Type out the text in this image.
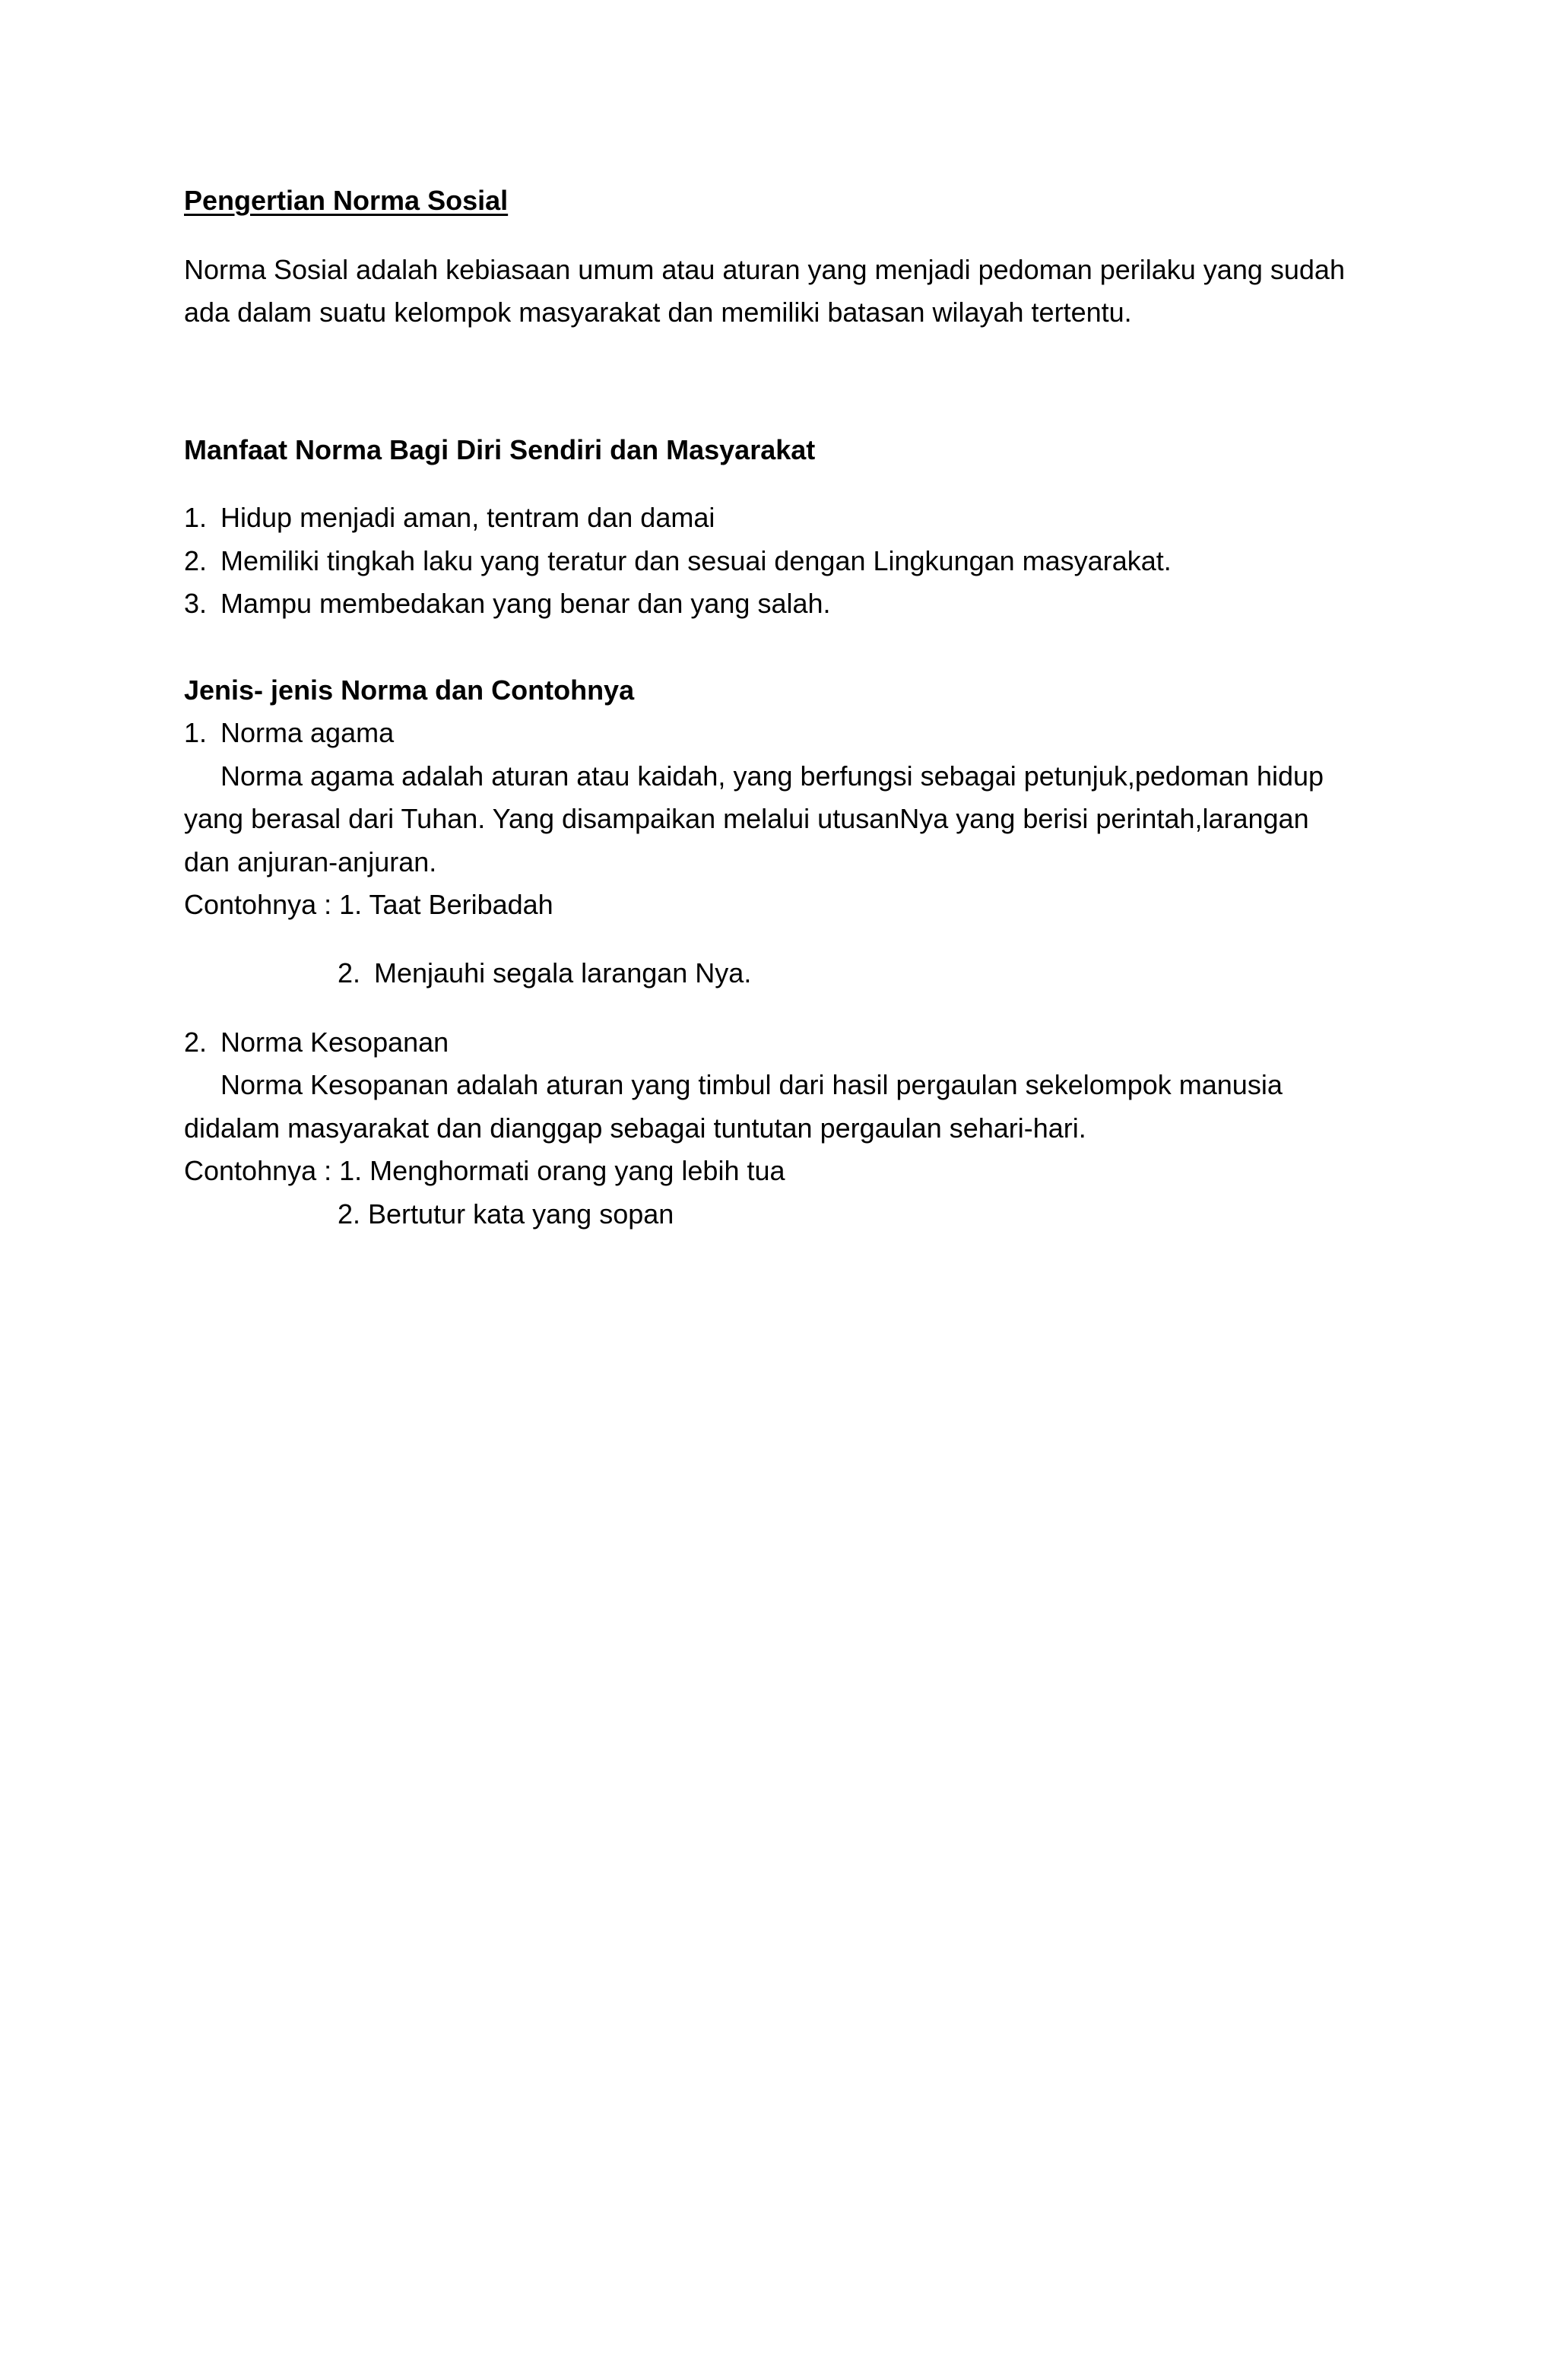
Pengertian Norma Sosial
Norma Sosial adalah kebiasaan umum atau aturan yang menjadi pedoman perilaku yang sudah
ada dalam suatu kelompok masyarakat dan memiliki batasan wilayah tertentu.
Manfaat Norma Bagi Diri Sendiri dan Masyarakat
1. Hidup menjadi aman, tentram dan damai
2. Memiliki tingkah laku yang teratur dan sesuai dengan Lingkungan masyarakat.
3. Mampu membedakan yang benar dan yang salah.
Jenis- jenis Norma dan Contohnya
1. Norma agama
Norma agama adalah aturan atau kaidah, yang berfungsi sebagai petunjuk,pedoman hidup
yang berasal dari Tuhan. Yang disampaikan melalui utusanNya yang berisi perintah,larangan
dan anjuran-anjuran.
Contohnya : 1. Taat Beribadah
2. Menjauhi segala larangan Nya.
2. Norma Kesopanan
Norma Kesopanan adalah aturan yang timbul dari hasil pergaulan sekelompok manusia
didalam masyarakat dan dianggap sebagai tuntutan pergaulan sehari-hari.
Contohnya : 1. Menghormati orang yang lebih tua
2. Bertutur kata yang sopan
